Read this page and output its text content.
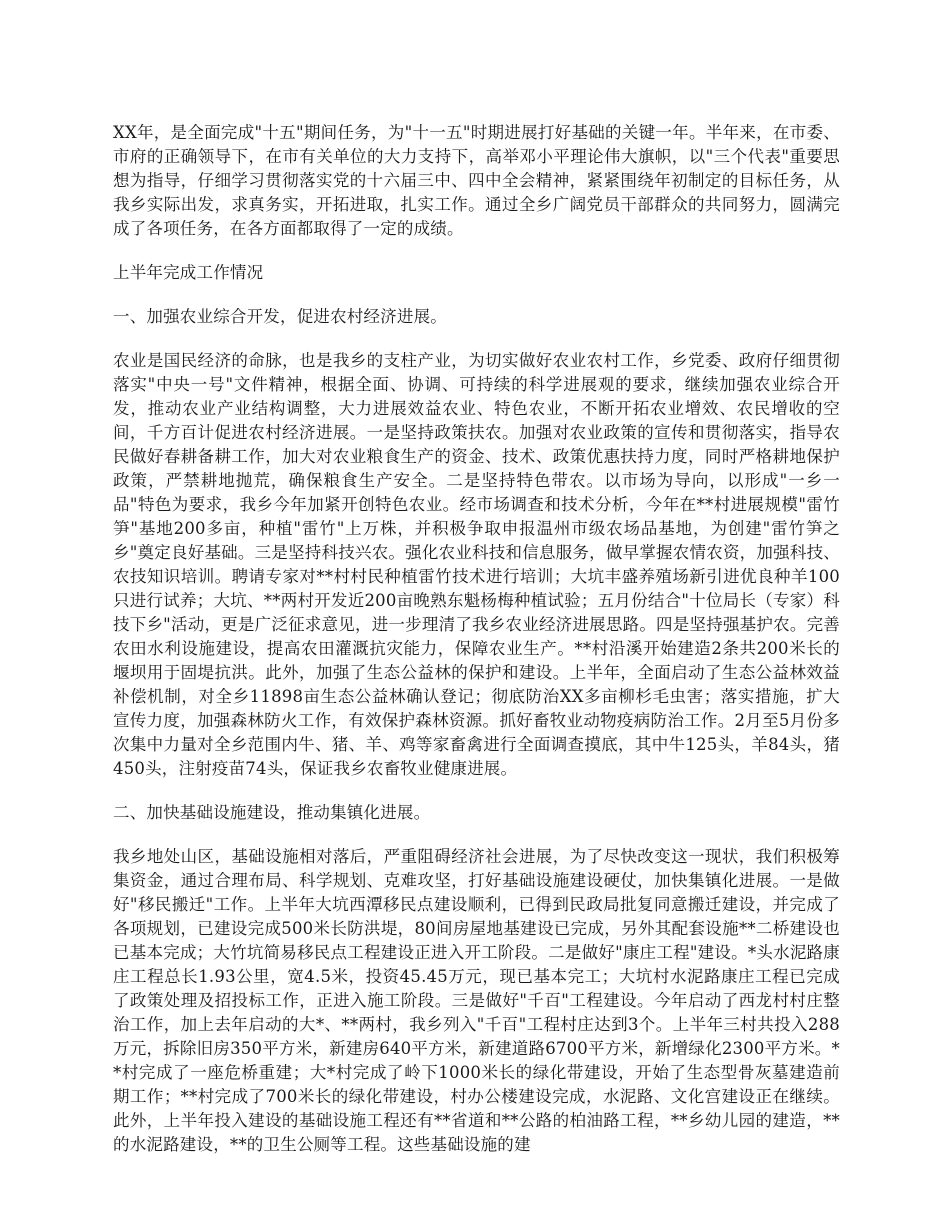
XX年，是全面完成"十五"期间任务，为"十一五"时期进展打好基础的关键一年。半年来，在市委、市府的正确领导下，在市有关单位的大力支持下，高举邓小平理论伟大旗帜，以"三个代表"重要思想为指导，仔细学习贯彻落实党的十六届三中、四中全会精神，紧紧围绕年初制定的目标任务，从我乡实际出发，求真务实，开拓进取，扎实工作。通过全乡广阔党员干部群众的共同努力，圆满完成了各项任务，在各方面都取得了一定的成绩。

上半年完成工作情况

一、加强农业综合开发，促进农村经济进展。

农业是国民经济的命脉，也是我乡的支柱产业，为切实做好农业农村工作，乡党委、政府仔细贯彻落实"中央一号"文件精神，根据全面、协调、可持续的科学进展观的要求，继续加强农业综合开发，推动农业产业结构调整，大力进展效益农业、特色农业，不断开拓农业增效、农民增收的空间，千方百计促进农村经济进展。一是坚持政策扶农。加强对农业政策的宣传和贯彻落实，指导农民做好春耕备耕工作，加大对农业粮食生产的资金、技术、政策优惠扶持力度，同时严格耕地保护政策，严禁耕地抛荒，确保粮食生产安全。二是坚持特色带农。以市场为导向，以形成"一乡一品"特色为要求，我乡今年加紧开创特色农业。经市场调查和技术分析，今年在**村进展规模"雷竹笋"基地200多亩，种植"雷竹"上万株，并积极争取申报温州市级农场品基地，为创建"雷竹笋之乡"奠定良好基础。三是坚持科技兴农。强化农业科技和信息服务，做早掌握农情农资，加强科技、农技知识培训。聘请专家对**村村民种植雷竹技术进行培训；大坑丰盛养殖场新引进优良种羊100只进行试养；大坑、**两村开发近200亩晚熟东魁杨梅种植试验；五月份结合"十位局长（专家）科技下乡"活动，更是广泛征求意见，进一步理清了我乡农业经济进展思路。四是坚持强基护农。完善农田水利设施建设，提高农田灌溉抗灾能力，保障农业生产。**村沿溪开始建造2条共200米长的堰坝用于固堤抗洪。此外，加强了生态公益林的保护和建设。上半年，全面启动了生态公益林效益补偿机制，对全乡11898亩生态公益林确认登记；彻底防治XX多亩柳杉毛虫害；落实措施，扩大宣传力度，加强森林防火工作，有效保护森林资源。抓好畜牧业动物疫病防治工作。2月至5月份多次集中力量对全乡范围内牛、猪、羊、鸡等家畜禽进行全面调查摸底，其中牛125头，羊84头，猪450头，注射疫苗74头，保证我乡农畜牧业健康进展。

二、加快基础设施建设，推动集镇化进展。

我乡地处山区，基础设施相对落后，严重阻碍经济社会进展，为了尽快改变这一现状，我们积极筹集资金，通过合理布局、科学规划、克难攻坚，打好基础设施建设硬仗，加快集镇化进展。一是做好"移民搬迁"工作。上半年大坑西潭移民点建设顺利，已得到民政局批复同意搬迁建设，并完成了各项规划，已建设完成500米长防洪堤，80间房屋地基建设已完成，另外其配套设施**二桥建设也已基本完成；大竹坑简易移民点工程建设正进入开工阶段。二是做好"康庄工程"建设。*头水泥路康庄工程总长1.93公里，宽4.5米，投资45.45万元，现已基本完工；大坑村水泥路康庄工程已完成了政策处理及招投标工作，正进入施工阶段。三是做好"千百"工程建设。今年启动了西龙村村庄整治工作，加上去年启动的大*、**两村，我乡列入"千百"工程村庄达到3个。上半年三村共投入288万元，拆除旧房350平方米，新建房640平方米，新建道路6700平方米，新增绿化2300平方米。**村完成了一座危桥重建；大*村完成了岭下1000米长的绿化带建设，开始了生态型骨灰墓建造前期工作；**村完成了700米长的绿化带建设，村办公楼建设完成，水泥路、文化宫建设正在继续。此外，上半年投入建设的基础设施工程还有**省道和**公路的柏油路工程，**乡幼儿园的建造，**的水泥路建设，**的卫生公厕等工程。这些基础设施的建
